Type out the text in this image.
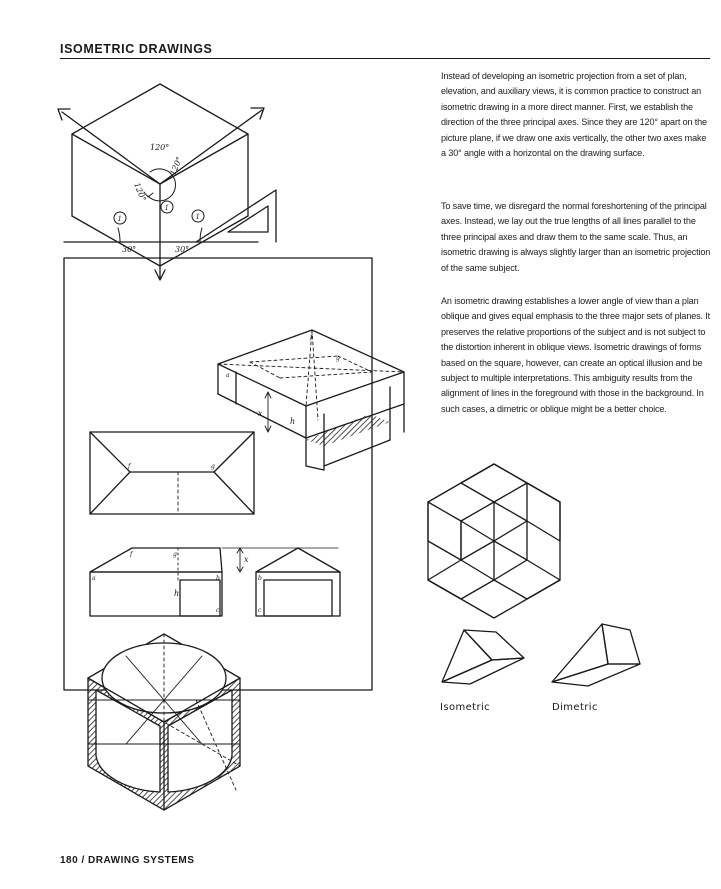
ISOMETRIC DRAWINGS

Instead of developing an isometric projection from a set of plan, elevation, and auxiliary views, it is common practice to construct an isometric drawing in a more direct manner. First, we establish the direction of the three principal axes. Since they are 120° apart on the picture plane, if we draw one axis vertically, the other two axes make a 30° angle with a horizontal on the drawing surface.

To save time, we disregard the normal foreshortening of the principal axes. Instead, we lay out the true lengths of all lines parallel to the three principal axes and draw them to the same scale. Thus, an isometric drawing is always slightly larger than an isometric projection of the same subject.

An isometric drawing establishes a lower angle of view than a plan oblique and gives equal emphasis to the three major sets of planes. It preserves the relative proportions of the subject and is not subject to the distortion inherent in oblique views. Isometric drawings of forms based on the square, however, can create an optical illusion and be subject to multiple interpretations. This ambiguity results from the alignment of lines in the foreground with those in the background. In such cases, a dimetric or oblique might be a better choice.

120°
120°
120°
30°	30°
1
1
1
x
h
a
f
g
f	g
f	g
a	b
c
b
c
x
h
Isometric	Dimetric
180 / DRAWING SYSTEMS
